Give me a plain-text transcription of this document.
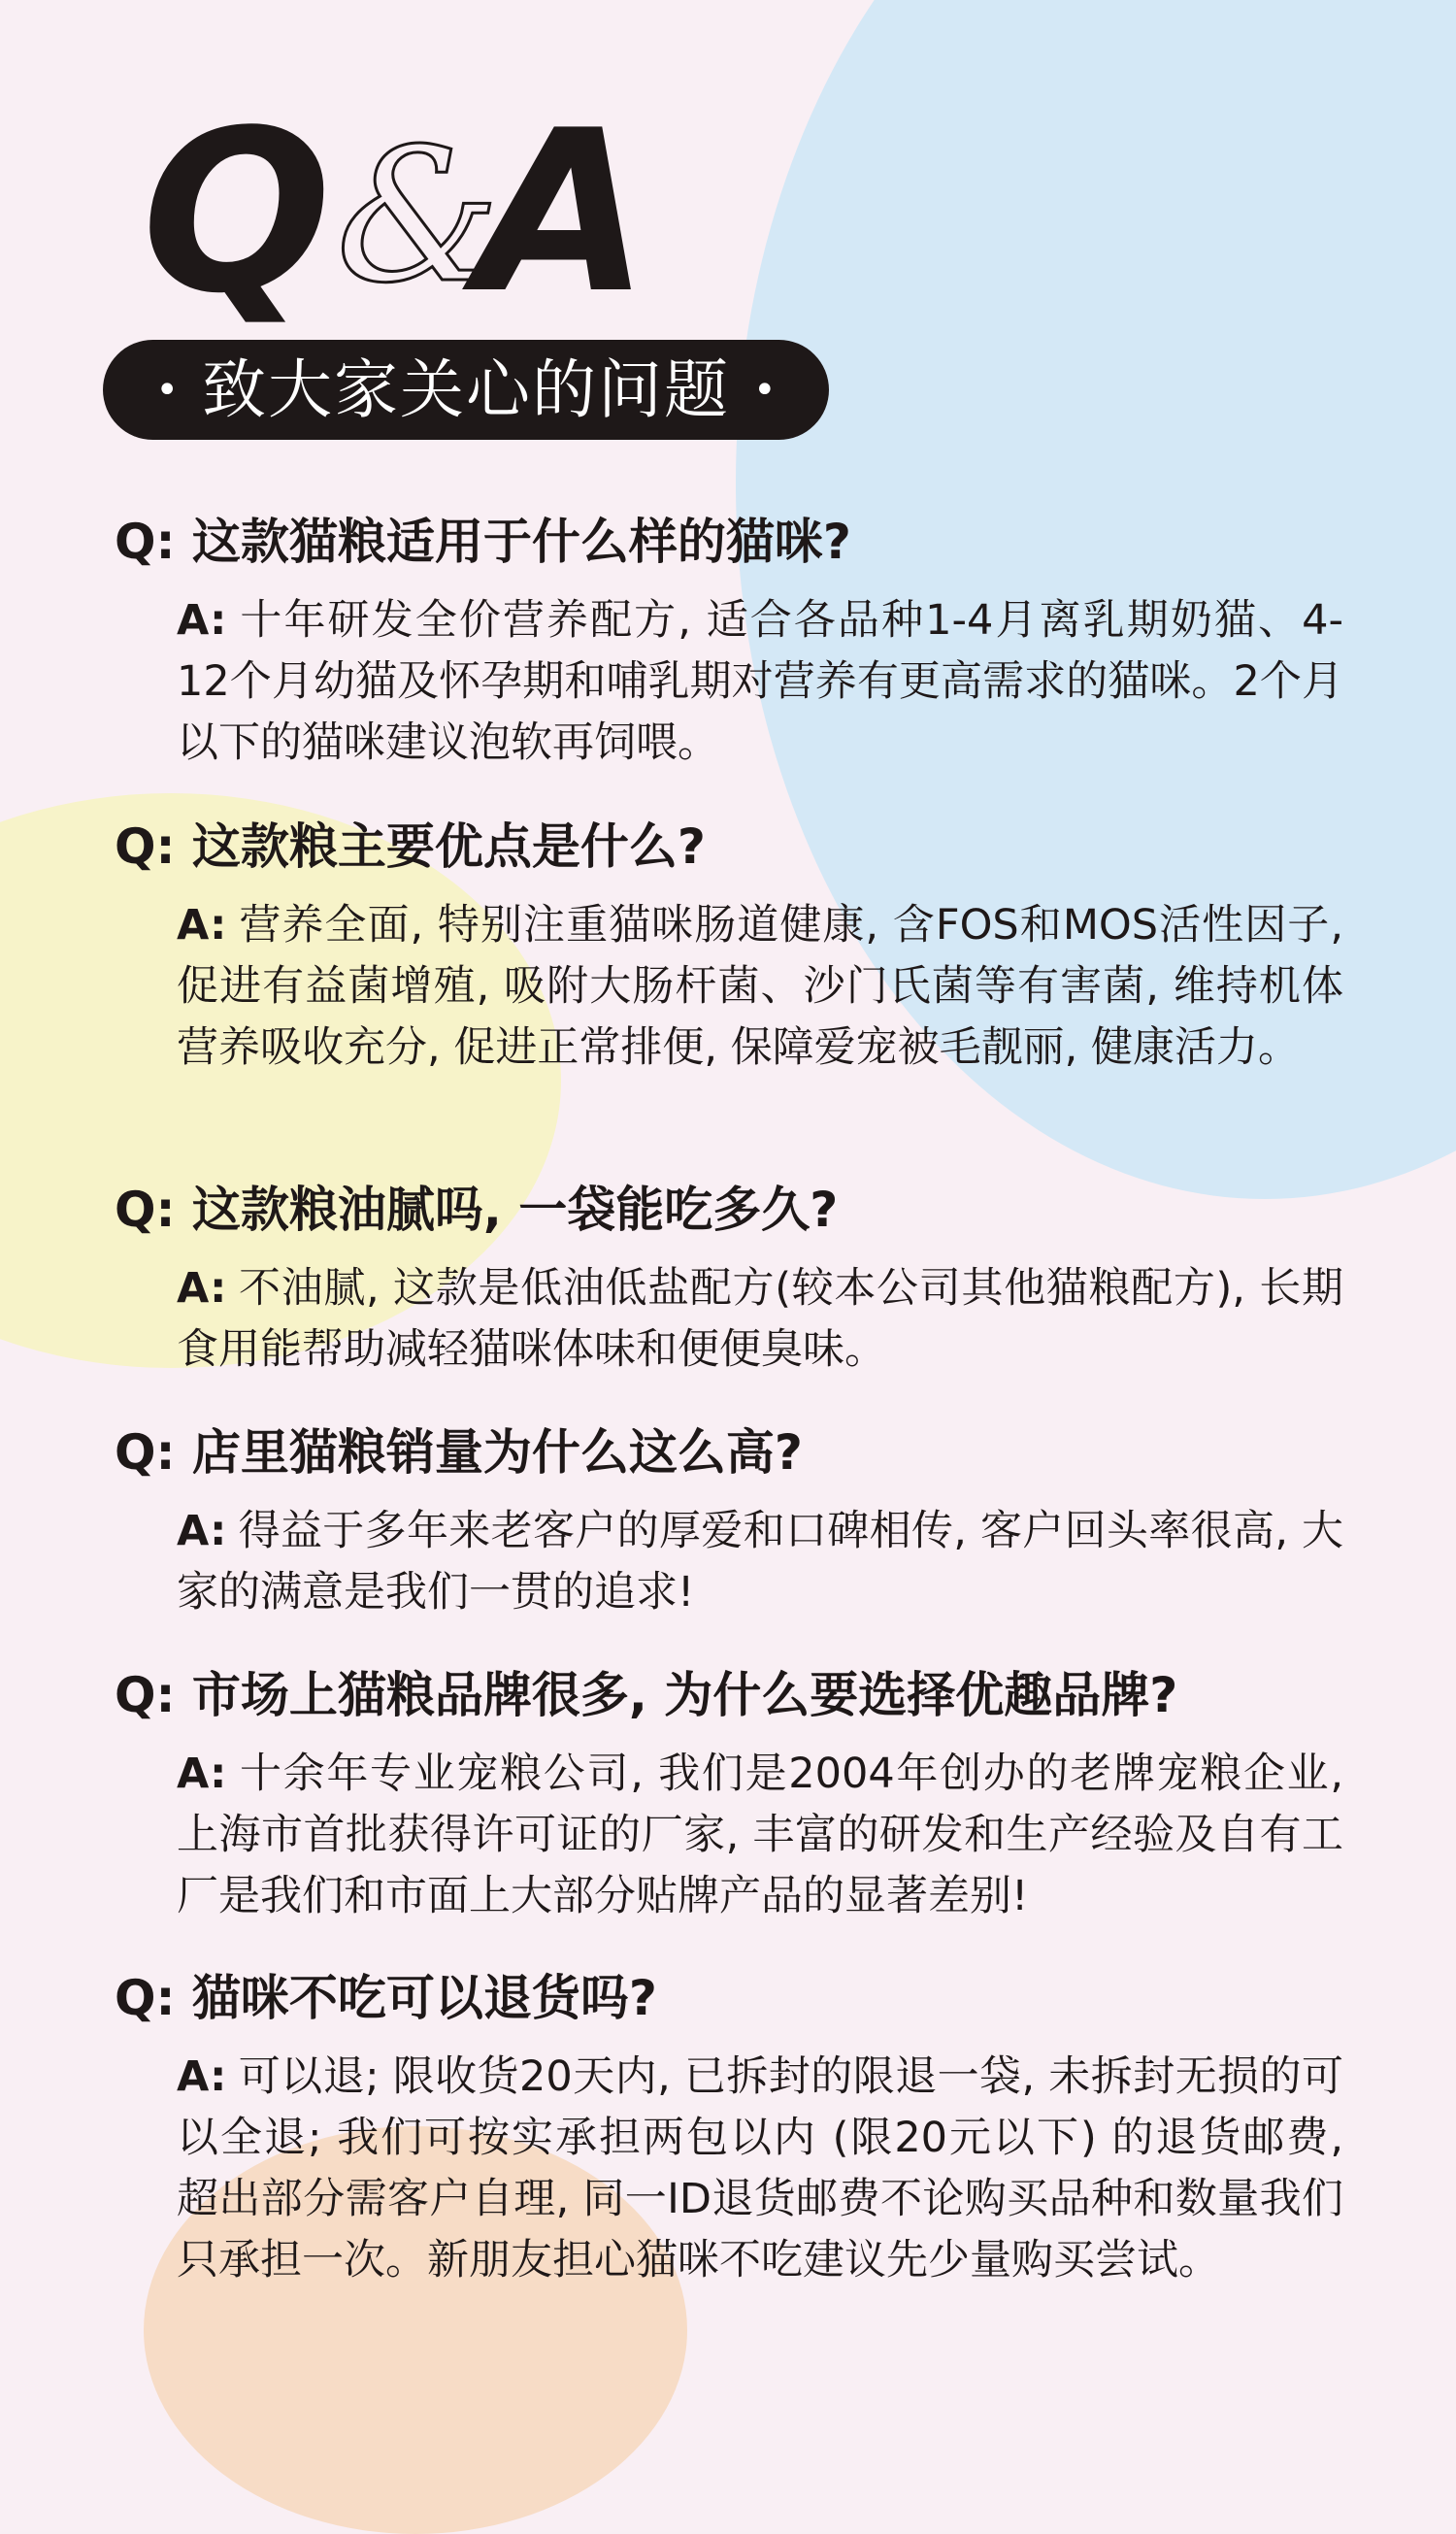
Q &
A
• 致大家关心的问题 •

Q: 这款猫粮适用于什么样的猫咪?

A: 十年研发全价营养配方, 适合各品种1-4月离乳期奶猫、4-12个月幼猫及怀孕期和哺乳期对营养有更高需求的猫咪。2个月以下的猫咪建议泡软再饲喂。

Q: 这款粮主要优点是什么?

A: 营养全面, 特别注重猫咪肠道健康, 含FOS和MOS活性因子, 促进有益菌增殖, 吸附大肠杆菌、沙门氏菌等有害菌, 维持机体营养吸收充分, 促进正常排便, 保障爱宠被毛靓丽, 健康活力。

Q: 这款粮油腻吗, 一袋能吃多久?

A: 不油腻, 这款是低油低盐配方(较本公司其他猫粮配方), 长期食用能帮助减轻猫咪体味和便便臭味。

Q: 店里猫粮销量为什么这么高?

A: 得益于多年来老客户的厚爱和口碑相传, 客户回头率很高, 大家的满意是我们一贯的追求!

Q: 市场上猫粮品牌很多, 为什么要选择优趣品牌?

A: 十余年专业宠粮公司, 我们是2004年创办的老牌宠粮企业, 上海市首批获得许可证的厂家, 丰富的研发和生产经验及自有工厂是我们和市面上大部分贴牌产品的显著差别!

Q: 猫咪不吃可以退货吗?

A: 可以退; 限收货20天内, 已拆封的限退一袋, 未拆封无损的可以全退; 我们可按实承担两包以内 (限20元以下) 的退货邮费, 超出部分需客户自理, 同一ID退货邮费不论购买品种和数量我们只承担一次。新朋友担心猫咪不吃建议先少量购买尝试。
